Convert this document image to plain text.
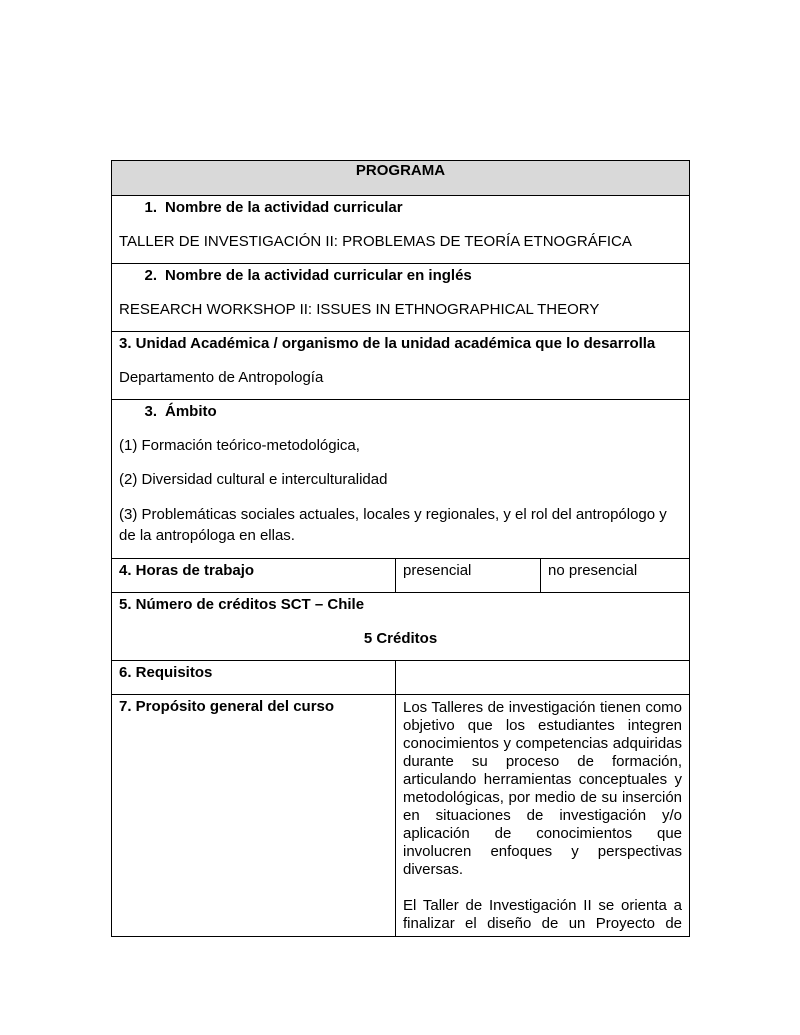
PROGRAMA		

1. Nombre de la actividad curricular

TALLER DE INVESTIGACIÓN II: PROBLEMAS DE TEORÍA ETNOGRÁFICA		

2. Nombre de la actividad curricular en inglés

RESEARCH WORKSHOP II: ISSUES IN ETHNOGRAPHICAL THEORY		

3. Unidad Académica / organismo de la unidad académica que lo desarrolla

Departamento de Antropología		

3. Ámbito

(1) Formación teórico-metodológica,

(2) Diversidad cultural e interculturalidad

(3) Problemáticas sociales actuales, locales y regionales, y el rol del antropólogo y de la antropóloga en ellas.		

4. Horas de trabajo	presencial	no presencial

5. Número de créditos SCT – Chile

5 Créditos		

6. Requisitos		

7. Propósito general del curso	Los Talleres de investigación tienen como objetivo que los estudiantes integren conocimientos y competencias adquiridas durante su proceso de formación, articulando herramientas conceptuales y metodológicas, por medio de su inserción en situaciones de investigación y/o aplicación de conocimientos que involucren enfoques y perspectivas diversas.

El Taller de Investigación II se orienta a finalizar el diseño de un Proyecto de	
